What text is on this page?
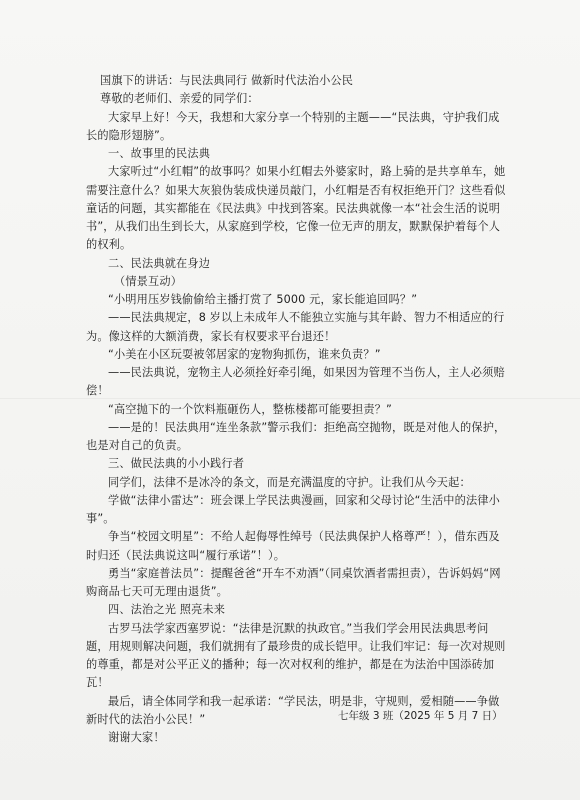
国旗下的讲话：与民法典同行 做新时代法治小公民

尊敬的老师们、亲爱的同学们：

大家早上好！今天，我想和大家分享一个特别的主题——“民法典，守护我们成长的隐形翅膀”。

一、故事里的民法典

大家听过“小红帽”的故事吗？如果小红帽去外婆家时，路上骑的是共享单车，她需要注意什么？如果大灰狼伪装成快递员敲门，小红帽是否有权拒绝开门？这些看似童话的问题，其实都能在《民法典》中找到答案。民法典就像一本“社会生活的说明书”，从我们出生到长大，从家庭到学校，它像一位无声的朋友，默默保护着每个人的权利。

二、民法典就在身边

（情景互动）

“小明用压岁钱偷偷给主播打赏了 5000 元，家长能追回吗？”

——民法典规定，8 岁以上未成年人不能独立实施与其年龄、智力不相适应的行为。像这样的大额消费，家长有权要求平台退还！

“小美在小区玩耍被邻居家的宠物狗抓伤，谁来负责？”

——民法典说，宠物主人必须拴好牵引绳，如果因为管理不当伤人，主人必须赔偿！

“高空抛下的一个饮料瓶砸伤人，整栋楼都可能要担责？”

——是的！民法典用“连坐条款”警示我们：拒绝高空抛物，既是对他人的保护，也是对自己的负责。

三、做民法典的小小践行者

同学们，法律不是冰冷的条文，而是充满温度的守护。让我们从今天起：

学做“法律小雷达”：班会课上学民法典漫画，回家和父母讨论“生活中的法律小事”。

争当“校园文明星”：不给人起侮辱性绰号（民法典保护人格尊严！），借东西及时归还（民法典说这叫“履行承诺”！）。

勇当“家庭普法员”：提醒爸爸“开车不劝酒”（同桌饮酒者需担责），告诉妈妈“网购商品七天可无理由退货”。

四、法治之光 照亮未来

古罗马法学家西塞罗说：“法律是沉默的执政官。”当我们学会用民法典思考问题，用规则解决问题，我们就拥有了最珍贵的成长铠甲。让我们牢记：每一次对规则的尊重，都是对公平正义的播种；每一次对权利的维护，都是在为法治中国添砖加瓦！

最后，请全体同学和我一起承诺：“学民法，明是非，守规则，爱相随——争做新时代的法治小公民！”

谢谢大家！

七年级 3 班（2025 年 5 月 7 日）
